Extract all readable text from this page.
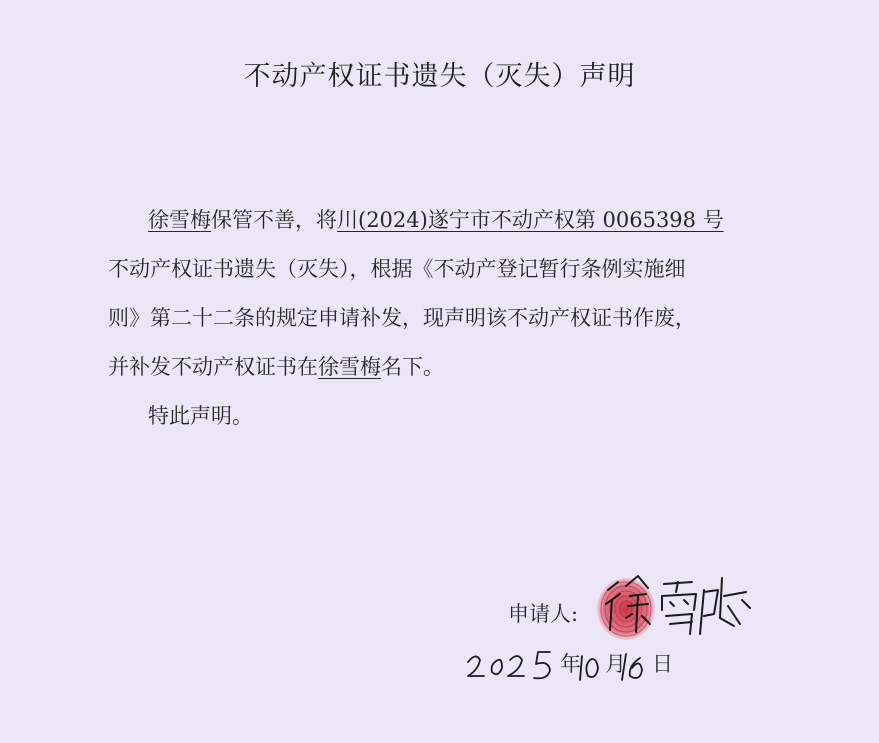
不动产权证书遗失（灭失）声明
徐雪梅保管不善，将川(2024)遂宁市不动产权第 0065398 号
不动产权证书遗失（灭失），根据《不动产登记暂行条例实施细
则》第二十二条的规定申请补发，现声明该不动产权证书作废，
并补发不动产权证书在徐雪梅名下。
特此声明。
申请人:
年 月 日
